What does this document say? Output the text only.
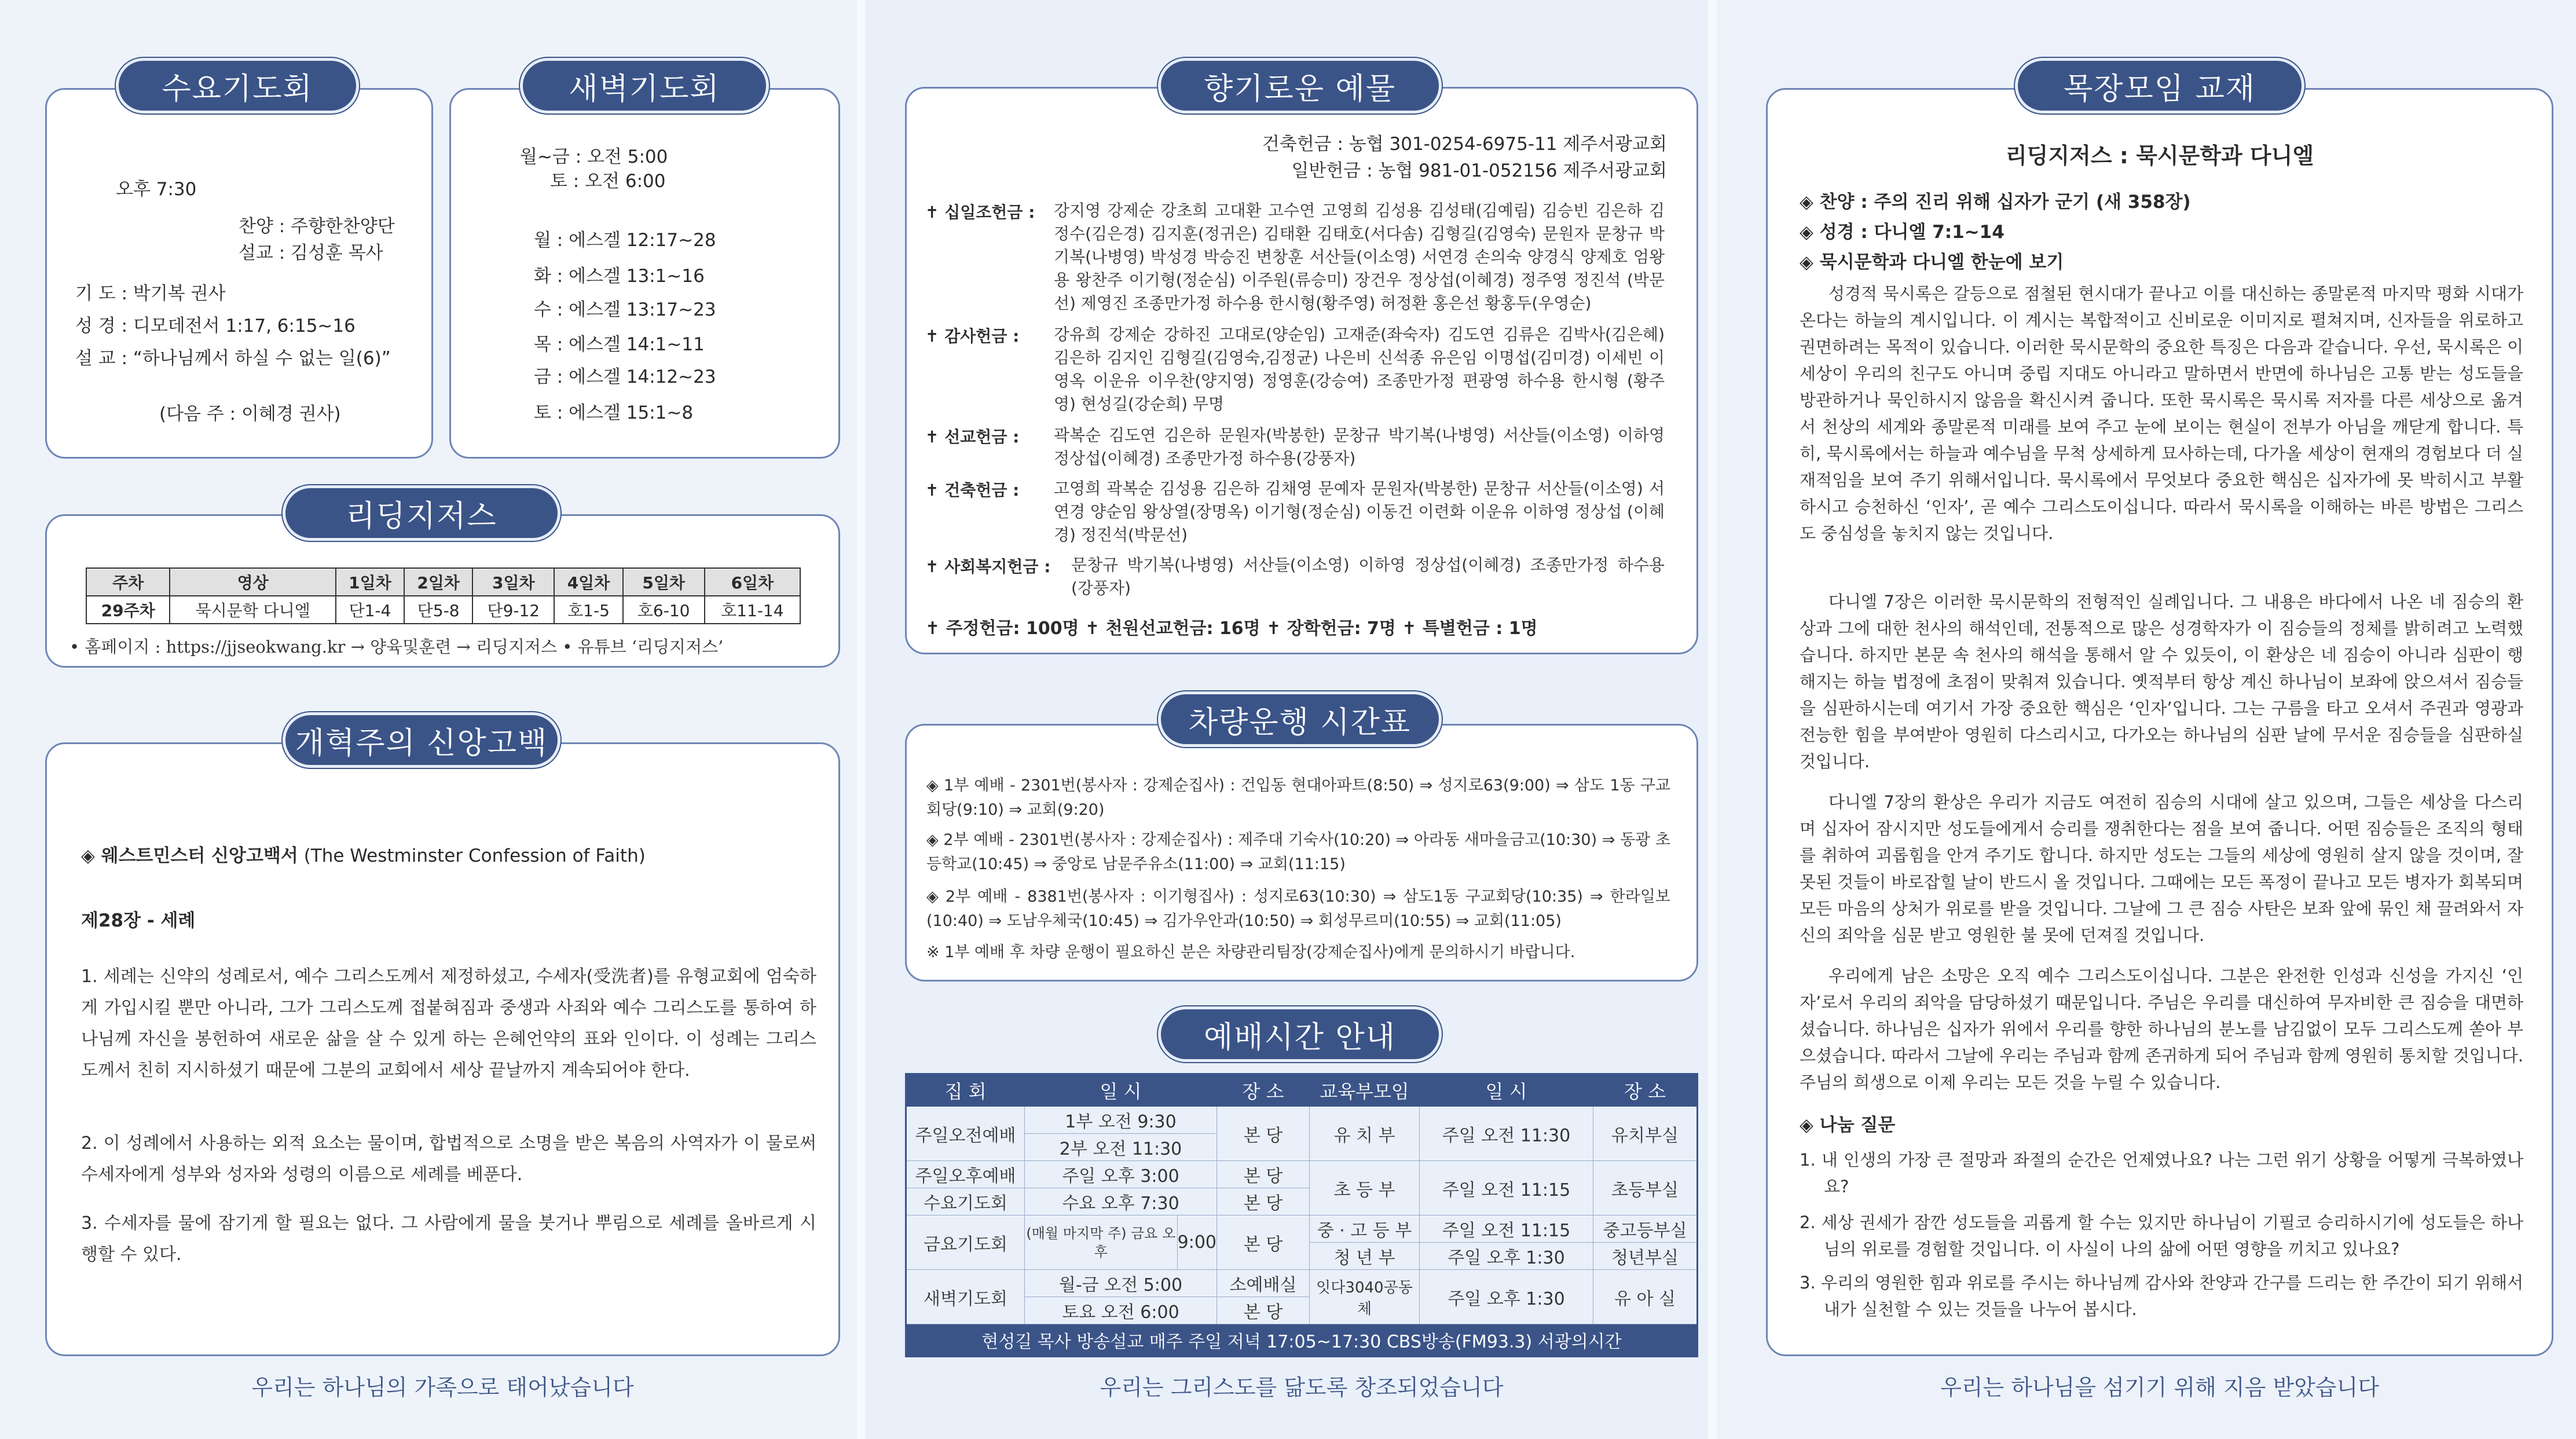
수요기도회
오후 7:30
찬양 : 주향한찬양단
설교 : 김성훈 목사
기 도 : 박기복 권사
성 경 : 디모데전서 1:17, 6:15~16
설 교 : “하나님께서 하실 수 없는 일(6)”
(다음 주 : 이혜경 권사)
새벽기도회
월~금 : 오전 5:00
토 : 오전 6:00
월 : 에스겔 12:17~28
화 : 에스겔 13:1~16
수 : 에스겔 13:17~23
목 : 에스겔 14:1~11
금 : 에스겔 14:12~23
토 : 에스겔 15:1~8
리딩지저스
주차	영상	1일차	2일차	3일차	4일차	5일차	6일차
29주차	묵시문학 다니엘	단1-4	단5-8	단9-12	호1-5	호6-10	호11-14
• 홈페이지 : https://jjseokwang.kr → 양육및훈련 → 리딩지저스 • 유튜브 ‘리딩지저스’
개혁주의 신앙고백
◈ 웨스트민스터 신앙고백서 (The Westminster Confession of Faith)
제28장 - 세례
1. 세례는 신약의 성례로서, 예수 그리스도께서 제정하셨고, 수세자(受洗者)를 유형교회에 엄숙하게 가입시킬 뿐만 아니라, 그가 그리스도께 접붙혀짐과 중생과 사죄와 예수 그리스도를 통하여 하나님께 자신을 봉헌하여 새로운 삶을 살 수 있게 하는 은혜언약의 표와 인이다. 이 성례는 그리스도께서 친히 지시하셨기 때문에 그분의 교회에서 세상 끝날까지 계속되어야 한다.
2. 이 성례에서 사용하는 외적 요소는 물이며, 합법적으로 소명을 받은 복음의 사역자가 이 물로써 수세자에게 성부와 성자와 성령의 이름으로 세례를 베푼다.
3. 수세자를 물에 잠기게 할 필요는 없다. 그 사람에게 물을 붓거나 뿌림으로 세례를 올바르게 시행할 수 있다.
우리는 하나님의 가족으로 태어났습니다
향기로운 예물
건축헌금 : 농협 301-0254-6975-11 제주서광교회
일반헌금 : 농협 981-01-052156 제주서광교회
✝ 십일조헌금 : 강지영 강제순 강초희 고대환 고수연 고영희 김성용 김성태(김예림) 김승빈 김은하 김정수(김은경) 김지훈(정귀은) 김태환 김태호(서다솜) 김형길(김영숙) 문원자 문창규 박기복(나병영) 박성경 박승진 변창훈 서산들(이소영) 서연경 손의숙 양경식 양제호 엄왕용 왕찬주 이기형(정순심) 이주원(류승미) 장건우 정상섭(이혜경) 정주영 정진석 (박문선) 제영진 조종만가정 하수용 한시형(황주영) 허정환 홍은선 황홍두(우영순)
✝ 감사헌금 : 강유희 강제순 강하진 고대로(양순임) 고재준(좌숙자) 김도연 김류은 김박사(김은혜) 김은하 김지인 김형길(김영숙,김정균) 나은비 신석종 유은임 이명섭(김미경) 이세빈 이영옥 이운유 이우찬(양지영) 정영훈(강승여) 조종만가정 편광영 하수용 한시형 (황주영) 현성길(강순희) 무명
✝ 선교헌금 : 곽복순 김도연 김은하 문원자(박봉한) 문창규 박기복(나병영) 서산들(이소영) 이하영 정상섭(이혜경) 조종만가정 하수용(강풍자)
✝ 건축헌금 : 고영희 곽복순 김성용 김은하 김채영 문예자 문원자(박봉한) 문창규 서산들(이소영) 서연경 양순임 왕상열(장명옥) 이기형(정순심) 이동건 이련화 이운유 이하영 정상섭 (이혜경) 정진석(박문선)
✝ 사회복지헌금 : 문창규 박기복(나병영) 서산들(이소영) 이하영 정상섭(이혜경) 조종만가정 하수용 (강풍자)
✝ 주정헌금: 100명 ✝ 천원선교헌금: 16명 ✝ 장학헌금: 7명 ✝ 특별헌금 : 1명
차량운행 시간표
◈ 1부 예배 - 2301번(봉사자 : 강제순집사) : 건입동 현대아파트(8:50) ⇒ 성지로63(9:00) ⇒ 삼도 1동 구교회당(9:10) ⇒ 교회(9:20)
◈ 2부 예배 - 2301번(봉사자 : 강제순집사) : 제주대 기숙사(10:20) ⇒ 아라동 새마을금고(10:30) ⇒ 동광 초등학교(10:45) ⇒ 중앙로 남문주유소(11:00) ⇒ 교회(11:15)
◈ 2부 예배 - 8381번(봉사자 : 이기형집사) : 성지로63(10:30) ⇒ 삼도1동 구교회당(10:35) ⇒ 한라일보(10:40) ⇒ 도남우체국(10:45) ⇒ 김가우안과(10:50) ⇒ 회성무르미(10:55) ⇒ 교회(11:05)
※ 1부 예배 후 차량 운행이 필요하신 분은 차량관리팀장(강제순집사)에게 문의하시기 바랍니다.
예배시간 안내
집 회	일 시		장 소	교육부모임	일 시	장 소
주일오전예배	1부 오전 9:30		본 당	유 치 부	주일 오전 11:30	유치부실
	2부 오전 11:30					
주일오후예배	주일 오후 3:00		본 당	초 등 부	주일 오전 11:15	초등부실
수요기도회	수요 오후 7:30		본 당			
금요기도회	(매월 마지막 주) 금요 오후	9:00	본 당	중 · 고 등 부	주일 오전 11:15	중고등부실
				청 년 부	주일 오후 1:30	청년부실
새벽기도회	월-금 오전 5:00		소예배실	잇다3040공동체	주일 오후 1:30	유 아 실
	토요 오전 6:00		본 당			
현성길 목사 방송설교 매주 주일 저녁 17:05~17:30 CBS방송(FM93.3) 서광의시간						
우리는 그리스도를 닮도록 창조되었습니다
목장모임 교재
리딩지저스 : 묵시문학과 다니엘
◈ 찬양 : 주의 진리 위해 십자가 군기 (새 358장)
◈ 성경 : 다니엘 7:1~14
◈ 묵시문학과 다니엘 한눈에 보기
성경적 묵시록은 갈등으로 점철된 현시대가 끝나고 이를 대신하는 종말론적 마지막 평화 시대가 온다는 하늘의 계시입니다. 이 계시는 복합적이고 신비로운 이미지로 펼쳐지며, 신자들을 위로하고 권면하려는 목적이 있습니다. 이러한 묵시문학의 중요한 특징은 다음과 같습니다. 우선, 묵시록은 이 세상이 우리의 친구도 아니며 중립 지대도 아니라고 말하면서 반면에 하나님은 고통 받는 성도들을 방관하거나 묵인하시지 않음을 확신시켜 줍니다. 또한 묵시록은 묵시록 저자를 다른 세상으로 옮겨서 천상의 세계와 종말론적 미래를 보여 주고 눈에 보이는 현실이 전부가 아님을 깨닫게 합니다. 특히, 묵시록에서는 하늘과 예수님을 무척 상세하게 묘사하는데, 다가올 세상이 현재의 경험보다 더 실재적임을 보여 주기 위해서입니다. 묵시록에서 무엇보다 중요한 핵심은 십자가에 못 박히시고 부활하시고 승천하신 ‘인자’, 곧 예수 그리스도이십니다. 따라서 묵시록을 이해하는 바른 방법은 그리스도 중심성을 놓치지 않는 것입니다.
다니엘 7장은 이러한 묵시문학의 전형적인 실례입니다. 그 내용은 바다에서 나온 네 짐승의 환상과 그에 대한 천사의 해석인데, 전통적으로 많은 성경학자가 이 짐승들의 정체를 밝히려고 노력했습니다. 하지만 본문 속 천사의 해석을 통해서 알 수 있듯이, 이 환상은 네 짐승이 아니라 심판이 행해지는 하늘 법정에 초점이 맞춰져 있습니다. 옛적부터 항상 계신 하나님이 보좌에 앉으셔서 짐승들을 심판하시는데 여기서 가장 중요한 핵심은 ‘인자’입니다. 그는 구름을 타고 오셔서 주권과 영광과 전능한 힘을 부여받아 영원히 다스리시고, 다가오는 하나님의 심판 날에 무서운 짐승들을 심판하실 것입니다.
다니엘 7장의 환상은 우리가 지금도 여전히 짐승의 시대에 살고 있으며, 그들은 세상을 다스리며 십자어 잠시지만 성도들에게서 승리를 쟁취한다는 점을 보여 줍니다. 어떤 짐승들은 조직의 형태를 취하여 괴롭힘을 안겨 주기도 합니다. 하지만 성도는 그들의 세상에 영원히 살지 않을 것이며, 잘못된 것들이 바로잡힐 날이 반드시 올 것입니다. 그때에는 모든 폭정이 끝나고 모든 병자가 회복되며 모든 마음의 상처가 위로를 받을 것입니다. 그날에 그 큰 짐승 사탄은 보좌 앞에 묶인 채 끌려와서 자신의 죄악을 심문 받고 영원한 불 못에 던져질 것입니다.
우리에게 남은 소망은 오직 예수 그리스도이십니다. 그분은 완전한 인성과 신성을 가지신 ‘인자’로서 우리의 죄악을 담당하셨기 때문입니다. 주님은 우리를 대신하여 무자비한 큰 짐승을 대면하셨습니다. 하나님은 십자가 위에서 우리를 향한 하나님의 분노를 남김없이 모두 그리스도께 쏟아 부으셨습니다. 따라서 그날에 우리는 주님과 함께 존귀하게 되어 주님과 함께 영원히 통치할 것입니다. 주님의 희생으로 이제 우리는 모든 것을 누릴 수 있습니다.
◈ 나눔 질문
1. 내 인생의 가장 큰 절망과 좌절의 순간은 언제였나요? 나는 그런 위기 상황을 어떻게 극복하였나요?
2. 세상 권세가 잠깐 성도들을 괴롭게 할 수는 있지만 하나님이 기필코 승리하시기에 성도들은 하나님의 위로를 경험할 것입니다. 이 사실이 나의 삶에 어떤 영향을 끼치고 있나요?
3. 우리의 영원한 힘과 위로를 주시는 하나님께 감사와 찬양과 간구를 드리는 한 주간이 되기 위해서 내가 실천할 수 있는 것들을 나누어 봅시다.
우리는 하나님을 섬기기 위해 지음 받았습니다
